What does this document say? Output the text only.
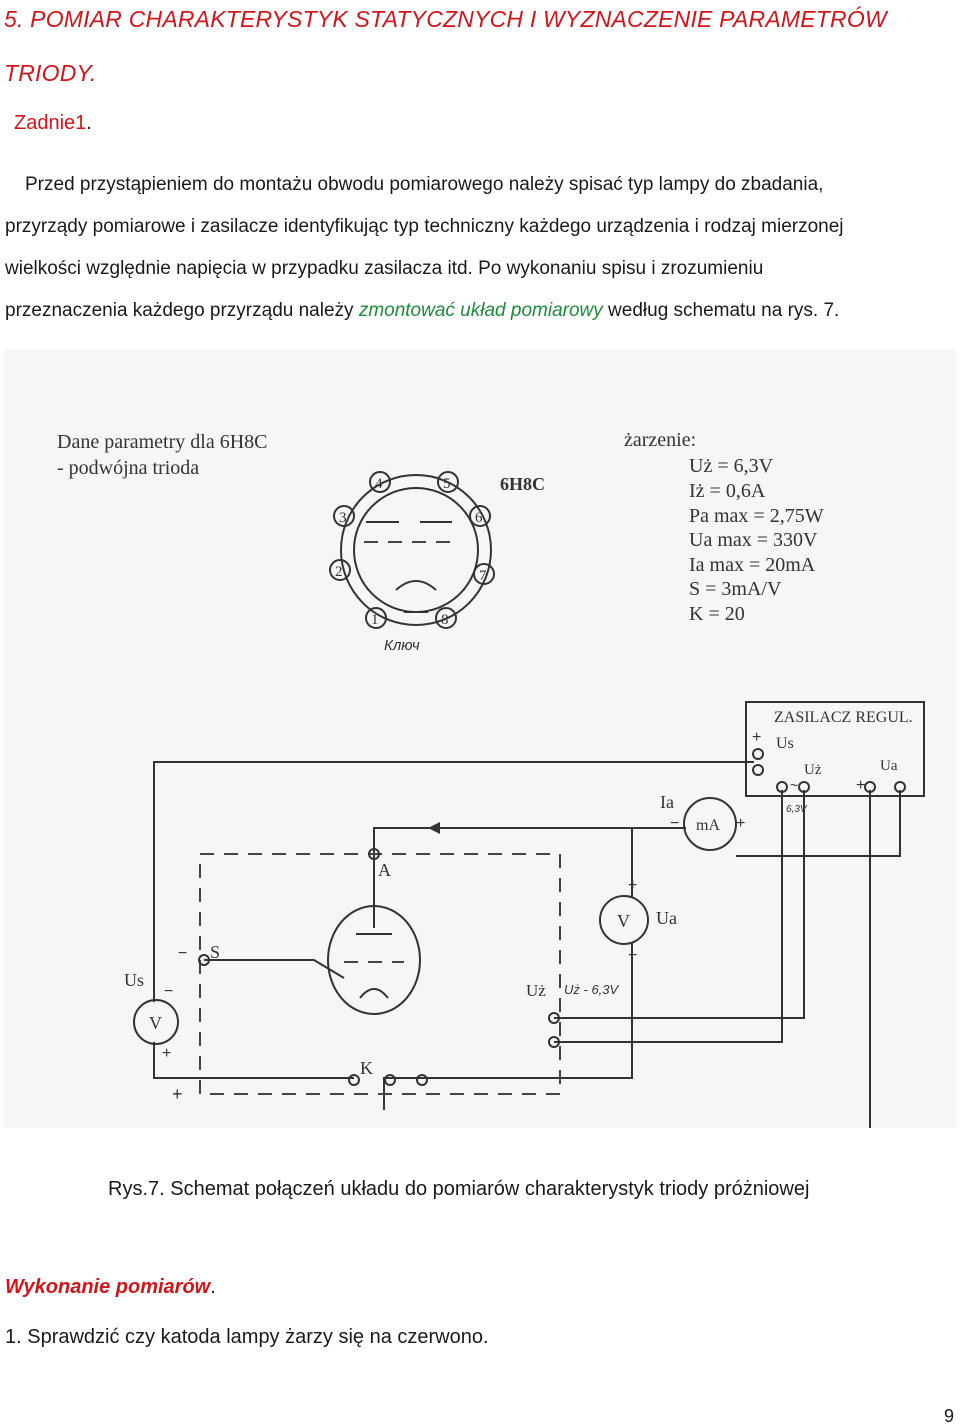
5. POMIAR CHARAKTERYSTYK STATYCZNYCH I WYZNACZENIE PARAMETRÓW
TRIODY.
Zadnie1.

Przed przystąpieniem do montażu obwodu pomiarowego należy spisać typ lampy do zbadania,

przyrządy pomiarowe i zasilacze identyfikując typ techniczny każdego urządzenia i rodzaj mierzonej

wielkości względnie napięcia w przypadku zasilacza itd. Po wykonaniu spisu i zrozumieniu

przeznaczenia każdego przyrządu należy zmontować układ pomiarowy według schematu na rys. 7.

Dane parametry dla 6H8C
- podwójna trioda
1
2
3
4	5
6
7
8
Ключ
6H8C
żarzenie:
Uż = 6,3V
Iż = 0,6A
Pa max = 2,75W
Ua max = 330V
Ia max = 20mA
S = 3mA/V
K = 20
ZASILACZ REGUL.
+ Us
Uż	Ua
+
~
6,3V
mA
Ia
−	+
V Ua
+
−
V
Us
−
+
A
S
−
+
K
Uż Uż - 6,3V
Rys.7. Schemat połączeń układu do pomiarów charakterystyk triody próżniowej
Wykonanie pomiarów.
1. Sprawdzić czy katoda lampy żarzy się na czerwono.
9
